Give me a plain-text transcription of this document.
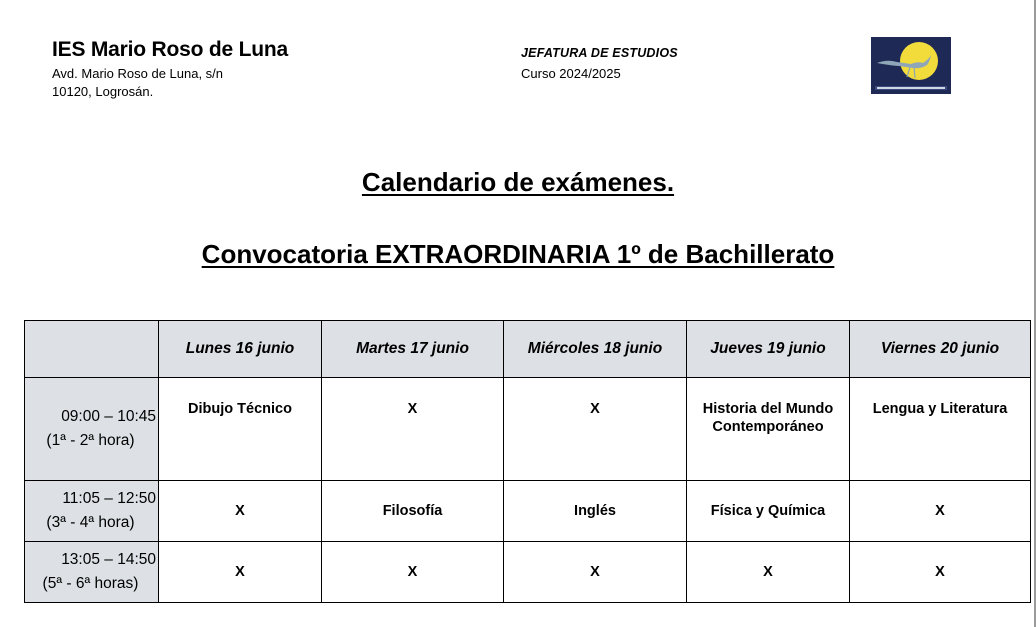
IES Mario Roso de Luna
Avd. Mario Roso de Luna, s/n
10120, Logrosán.
JEFATURA DE ESTUDIOS
Curso 2024/2025
Calendario de exámenes.
Convocatoria EXTRAORDINARIA 1º de Bachillerato
	Lunes 16 junio	Martes 17 junio	Miércoles 18 junio	Jueves 19 junio	Viernes 20 junio

09:00 – 10:45
(1ª - 2ª hora)	Dibujo Técnico	X	X	Historia del Mundo Contemporáneo	Lengua y Literatura

11:05 – 12:50
(3ª - 4ª hora)	X	Filosofía	Inglés	Física y Química	X

13:05 – 14:50
(5ª - 6ª horas)	X	X	X	X	X
